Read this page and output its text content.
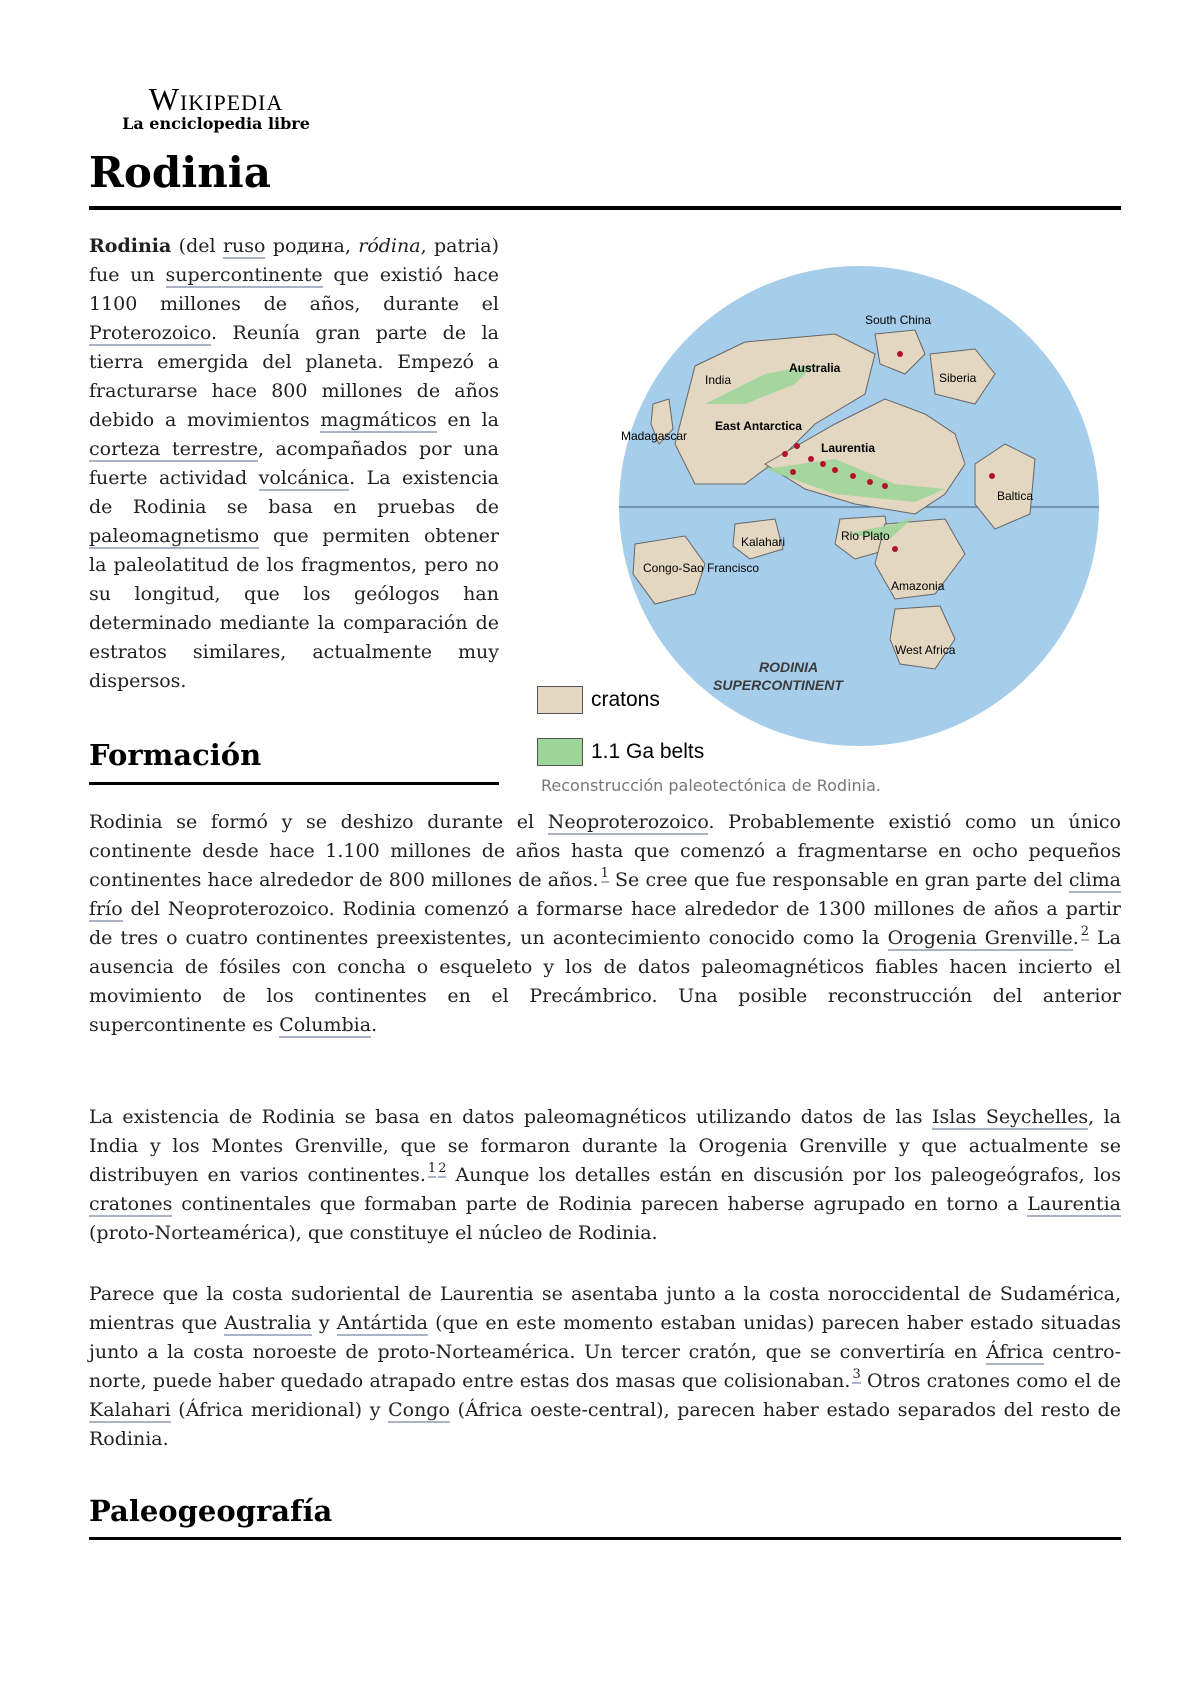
Wikipedia
La enciclopedia libre
Rodinia

Rodinia (del ruso родина, ródina, patria) fue un supercontinente que existió hace 1100 millones de años, durante el Proterozoico. Reunía gran parte de la tierra emergida del planeta. Empezó a fracturarse hace 800 millones de años debido a movimientos magmáticos en la corteza terrestre, acompañados por una fuerte actividad volcánica. La existencia de Rodinia se basa en pruebas de paleomagnetismo que permiten obtener la paleolatitud de los fragmentos, pero no su longitud, que los geólogos han determinado mediante la comparación de estratos similares, actualmente muy dispersos.

South China
Siberia
Australia
India
Madagascar
East Antarctica
Laurentia
Baltica
Kalahari
Congo-Sao Francisco
Rio Plato
Amazonia
West Africa
RODINIA
SUPERCONTINENT
cratons
1.1 Ga belts
Reconstrucción paleotectónica de Rodinia.
Formación

Rodinia se formó y se deshizo durante el Neoproterozoico. Probablemente existió como un único continente desde hace 1.100 millones de años hasta que comenzó a fragmentarse en ocho pequeños continentes hace alrededor de 800 millones de años. $^1$ Se cree que fue responsable en gran parte del clima frío del Neoproterozoico. Rodinia comenzó a formarse hace alrededor de 1300 millones de años a partir de tres o cuatro continentes preexistentes, un acontecimiento conocido como la Orogenia Grenville. $^2$ La ausencia de fósiles con concha o esqueleto y los de datos paleomagnéticos fiables hacen incierto el movimiento de los continentes en el Precámbrico. Una posible reconstrucción del anterior supercontinente es Columbia.

La existencia de Rodinia se basa en datos paleomagnéticos utilizando datos de las Islas Seychelles, la India y los Montes Grenville, que se formaron durante la Orogenia Grenville y que actualmente se distribuyen en varios continentes. $^1$ $^2$ Aunque los detalles están en discusión por los paleogeógrafos, los cratones continentales que formaban parte de Rodinia parecen haberse agrupado en torno a Laurentia (proto-Norteamérica), que constituye el núcleo de Rodinia.

Parece que la costa sudoriental de Laurentia se asentaba junto a la costa noroccidental de Sudamérica, mientras que Australia y Antártida (que en este momento estaban unidas) parecen haber estado situadas junto a la costa noroeste de proto-Norteamérica. Un tercer cratón, que se convertiría en África centro-norte, puede haber quedado atrapado entre estas dos masas que colisionaban. $^3$ Otros cratones como el de Kalahari (África meridional) y Congo (África oeste-central), parecen haber estado separados del resto de Rodinia.

Paleogeografía
